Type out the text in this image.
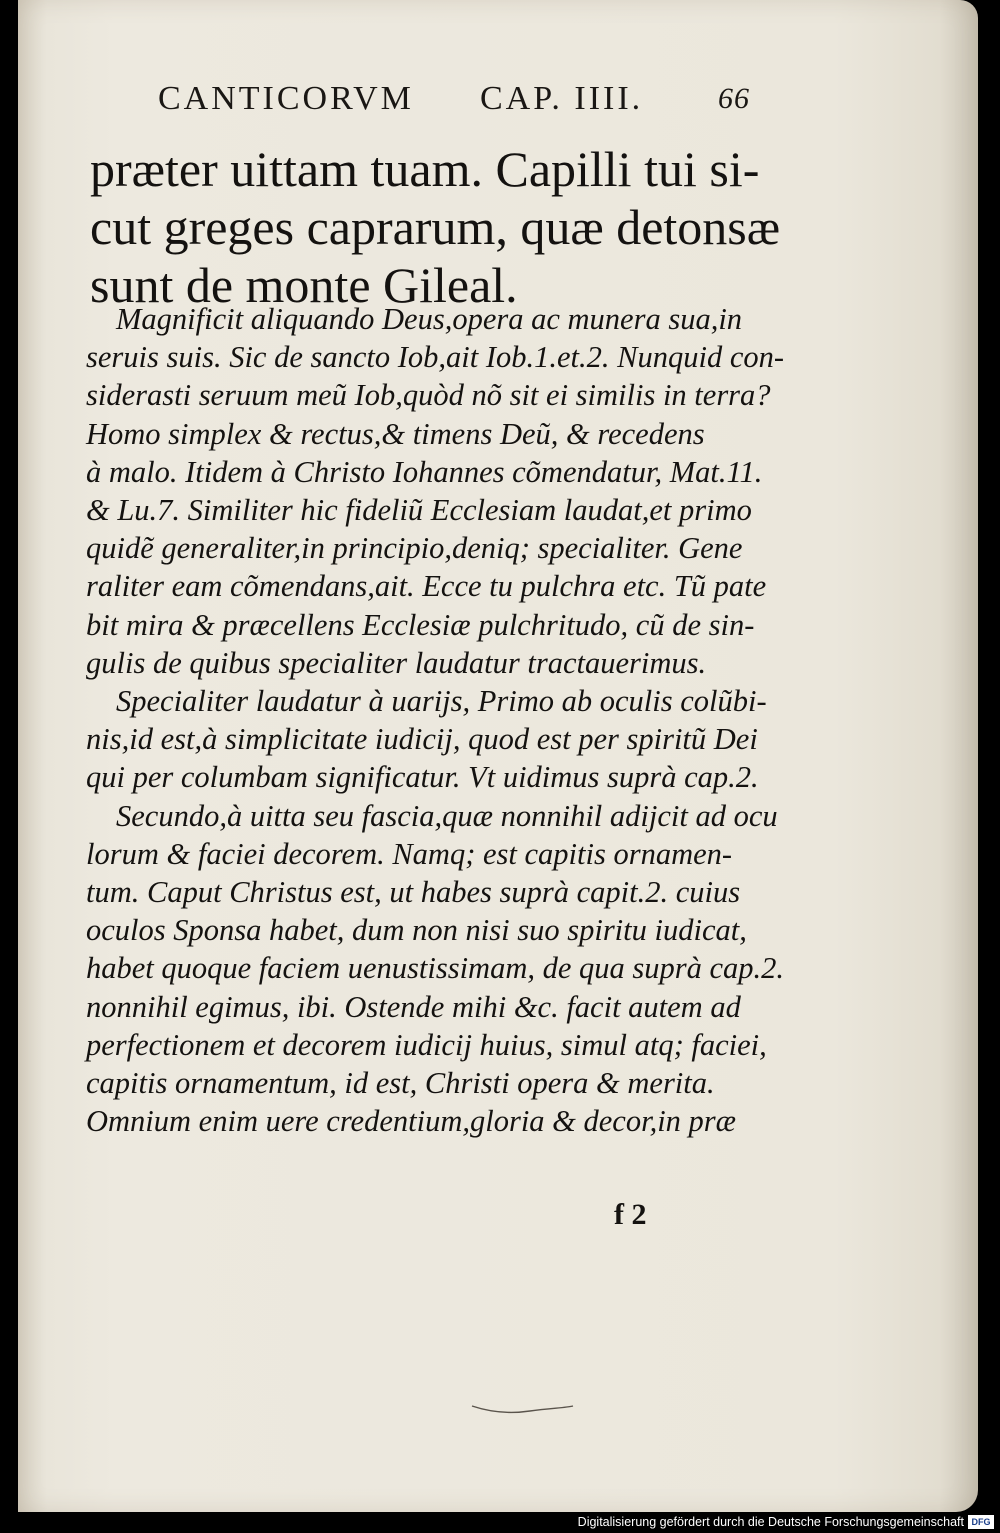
CANTICORVM CAP. IIII. 66
præter uittam tuam. Capilli tui si-
cut greges caprarum, quæ detonsæ
sunt de monte Gileal.
Magnificit aliquando Deus,opera ac munera sua,in
seruis suis. Sic de sancto Iob,ait Iob.1.et.2. Nunquid con-
siderasti seruum meũ Iob,quòd nõ sit ei similis in terra?
Homo simplex & rectus,& timens Deũ, & recedens
à malo. Itidem à Christo Iohannes cõmendatur, Mat.11.
& Lu.7. Similiter hic fideliũ Ecclesiam laudat,et primo
quidẽ generaliter,in principio,deniq; specialiter. Gene
raliter eam cõmendans,ait. Ecce tu pulchra etc. Tũ pate
bit mira & præcellens Ecclesiæ pulchritudo, cũ de sin-
gulis de quibus specialiter laudatur tractauerimus.
Specialiter laudatur à uarijs, Primo ab oculis colũbi-
nis,id est,à simplicitate iudicij, quod est per spiritũ Dei
qui per columbam significatur. Vt uidimus suprà cap.2.
Secundo,à uitta seu fascia,quæ nonnihil adijcit ad ocu
lorum & faciei decorem. Namq; est capitis ornamen-
tum. Caput Christus est, ut habes suprà capit.2. cuius
oculos Sponsa habet, dum non nisi suo spiritu iudicat,
habet quoque faciem uenustissimam, de qua suprà cap.2.
nonnihil egimus, ibi. Ostende mihi &c. facit autem ad
perfectionem et decorem iudicij huius, simul atq; faciei,
capitis ornamentum, id est, Christi opera & merita.
Omnium enim uere credentium,gloria & decor,in præ
f 2
Digitalisierung gefördert durch die Deutsche Forschungsgemeinschaft DFG
